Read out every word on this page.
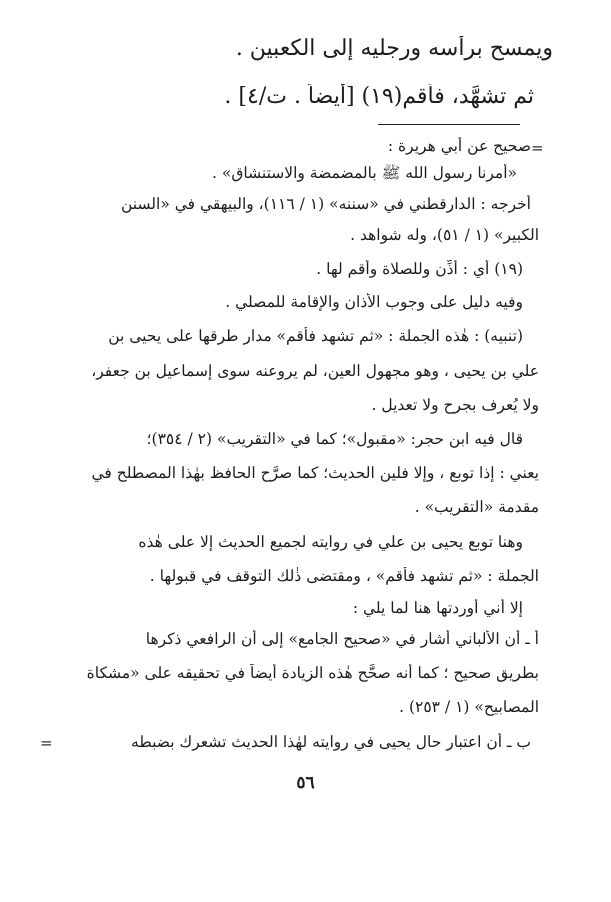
ويمسح برأسه ورجليه إلى الكعبين .
ثم تشهَّد، فأقم(١٩) [أيضاً . ت/٤] .
=
صحيح عن أبي هريرة :
«أمرنا رسول الله ﷺ بالمضمضة والاستنشاق» .
أخرجه : الدارقطني في «سننه» (١ / ١١٦)، والبيهقي في «السنن
الكبير» (١ / ٥١)، وله شواهد .
(١٩) أي : أذِّن وللصلاة وأقم لها .
وفيه دليل على وجوب الأذان والإقامة للمصلي .
(تنبيه) : هٰذه الجملة : «ثم تشهد فأقم» مدار طرقها على يحيى بن
علي بن يحيى ، وهو مجهول العين، لم يروعنه سوى إسماعيل بن جعفر،
ولا يُعرف بجرح ولا تعديل .
قال فيه ابن حجر: «مقبول»؛ كما في «التقريب» (٢ / ٣٥٤)؛
يعني : إذا توبع ، وإلا فلين الحديث؛ كما صرَّح الحافظ بهٰذا المصطلح في
مقدمة «التقريب» .
وهنا توبع يحيى بن علي في روايته لجميع الحديث إلا على هٰذه
الجملة : «ثم تشهد فأقم» ، ومقتضى ذٰلك التوقف في قبولها .
إلا أني أوردتها هنا لما يلي :
أ ـ أن الألباني أشار في «صحيح الجامع» إلى أن الرافعي ذكرها
بطريق صحيح ؛ كما أنه صحَّح هٰذه الزيادة أيضاً في تحقيقه على «مشكاة
المصابيح» (١ / ٢٥٣) .
ب ـ أن اعتبار حال يحيى في روايته لهٰذا الحديث تشعرك بضبطه
=
٥٦
